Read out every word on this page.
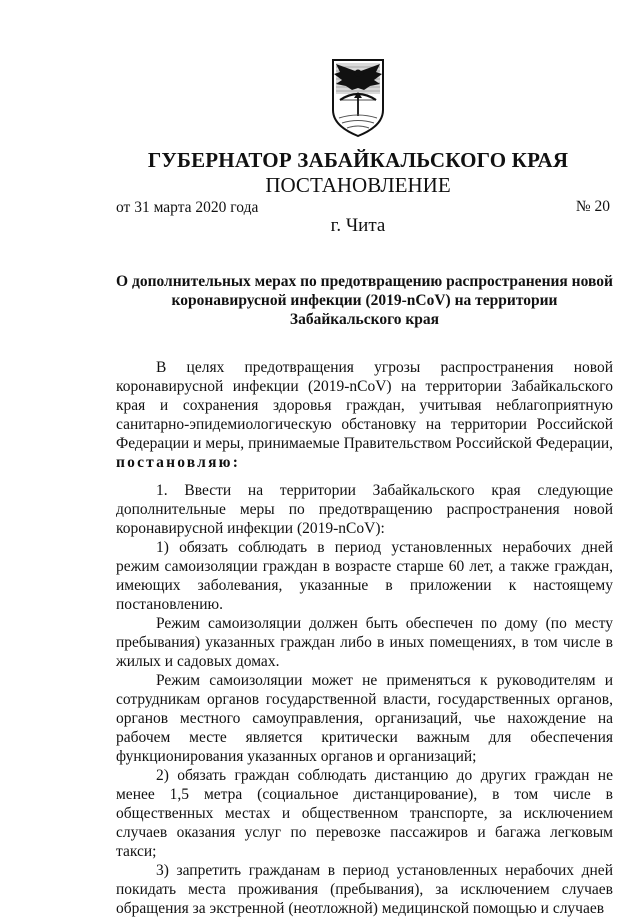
ГУБЕРНАТОР ЗАБАЙКАЛЬСКОГО КРАЯ
ПОСТАНОВЛЕНИЕ
от 31 марта 2020 года	№ 20
г. Чита
О дополнительных мерах по предотвращению распространения новой коронавирусной инфекции (2019-nCoV) на территории Забайкальского края

В целях предотвращения угрозы распространения новой коронавирусной инфекции (2019-nCoV) на территории Забайкальского края и сохранения здоровья граждан, учитывая неблагоприятную санитарно-эпидемиологическую обстановку на территории Российской Федерации и меры, принимаемые Правительством Российской Федерации, постановляю:

1. Ввести на территории Забайкальского края следующие дополнительные меры по предотвращению распространения новой коронавирусной инфекции (2019-nCoV):

1) обязать соблюдать в период установленных нерабочих дней режим самоизоляции граждан в возрасте старше 60 лет, а также граждан, имеющих заболевания, указанные в приложении к настоящему постановлению.

Режим самоизоляции должен быть обеспечен по дому (по месту пребывания) указанных граждан либо в иных помещениях, в том числе в жилых и садовых домах.

Режим самоизоляции может не применяться к руководителям и сотрудникам органов государственной власти, государственных органов, органов местного самоуправления, организаций, чье нахождение на рабочем месте является критически важным для обеспечения функционирования указанных органов и организаций;

2) обязать граждан соблюдать дистанцию до других граждан не менее 1,5 метра (социальное дистанцирование), в том числе в общественных местах и общественном транспорте, за исключением случаев оказания услуг по перевозке пассажиров и багажа легковым такси;

3) запретить гражданам в период установленных нерабочих дней покидать места проживания (пребывания), за исключением случаев обращения за экстренной (неотложной) медицинской помощью и случаев
